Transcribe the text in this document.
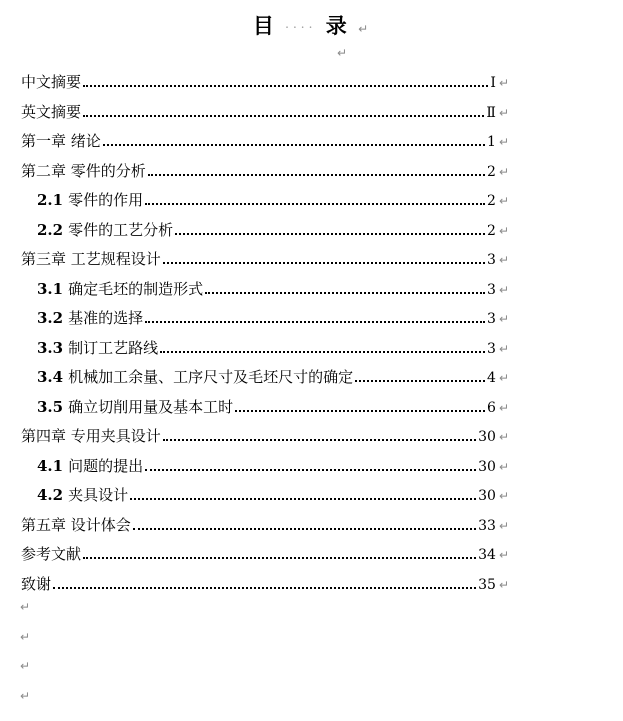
目 ···· 录 ↵
↵
中文摘要	Ⅰ ↵
英文摘要	Ⅱ ↵
第一章 绪论	1 ↵
第二章 零件的分析	2 ↵
2.1 零件的作用	2 ↵
2.2 零件的工艺分析	2 ↵
第三章 工艺规程设计	3 ↵
3.1 确定毛坯的制造形式	3 ↵
3.2 基准的选择	3 ↵
3.3 制订工艺路线	3 ↵
3.4 机械加工余量、工序尺寸及毛坯尺寸的确定	4 ↵
3.5 确立切削用量及基本工时	6 ↵
第四章 专用夹具设计	30 ↵
4.1 问题的提出	30 ↵
4.2 夹具设计	30 ↵
第五章 设计体会	33 ↵
参考文献	34 ↵
致谢	35 ↵
↵
↵
↵
↵
